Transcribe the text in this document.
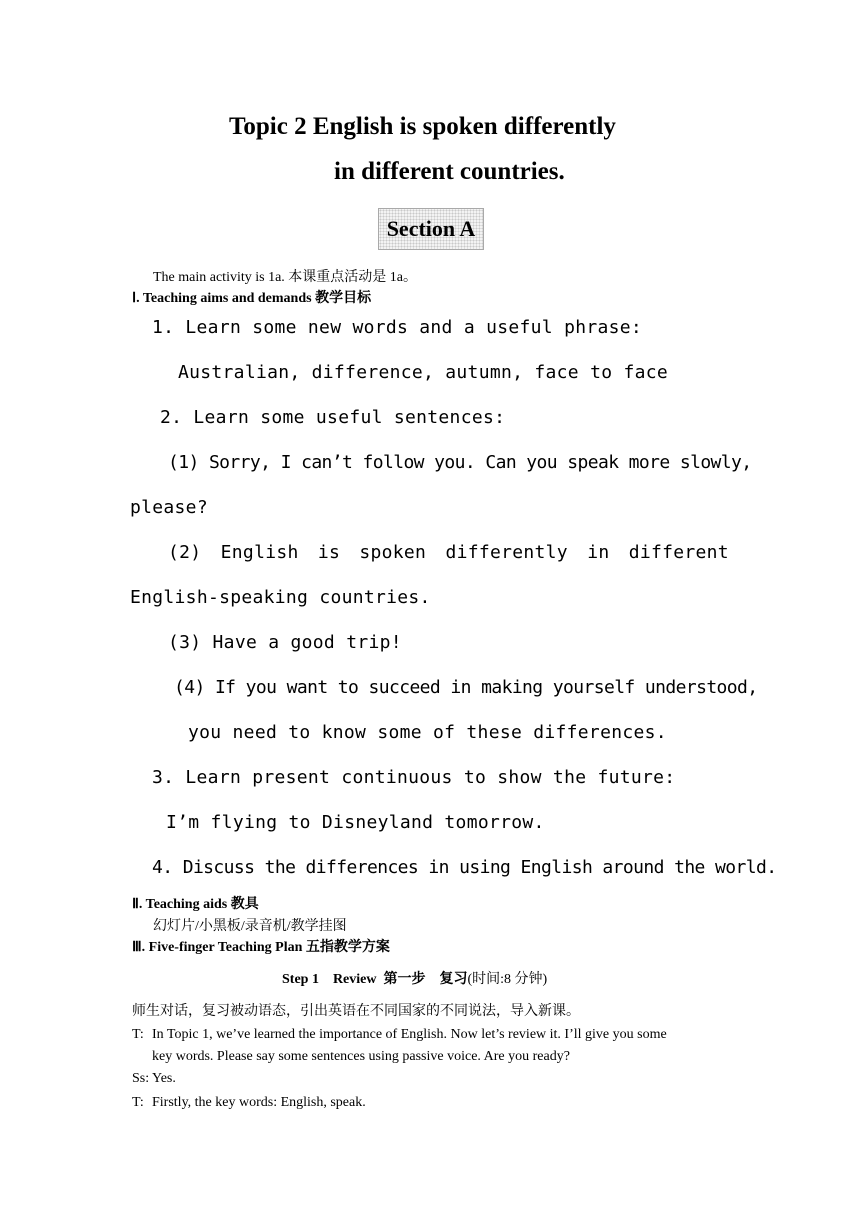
Topic 2 English is spoken differently
in different countries.
Section A
The main activity is 1a. 本课重点活动是 1a。
Ⅰ. Teaching aims and demands 教学目标
1. Learn some new words and a useful phrase:
Australian, difference, autumn, face to face
2. Learn some useful sentences:
(1) Sorry, I can’t follow you. Can you speak more slowly,
please?
(2) English is spoken differently in different
English-speaking countries.
(3) Have a good trip!
(4) If you want to succeed in making yourself understood,
you need to know some of these differences.
3. Learn present continuous to show the future:
I’m flying to Disneyland tomorrow.
4. Discuss the differences in using English around the world.
Ⅱ. Teaching aids 教具
幻灯片/小黑板/录音机/教学挂图
Ⅲ. Five-finger Teaching Plan 五指教学方案
Step 1    Review  第一步    复习(时间:8 分钟)
师生对话，复习被动语态，引出英语在不同国家的不同说法，导入新课。
T: In Topic 1, we’ve learned the importance of English. Now let’s review it. I’ll give you some
key words. Please say some sentences using passive voice. Are you ready?
Ss: Yes.
T: Firstly, the key words: English, speak.
